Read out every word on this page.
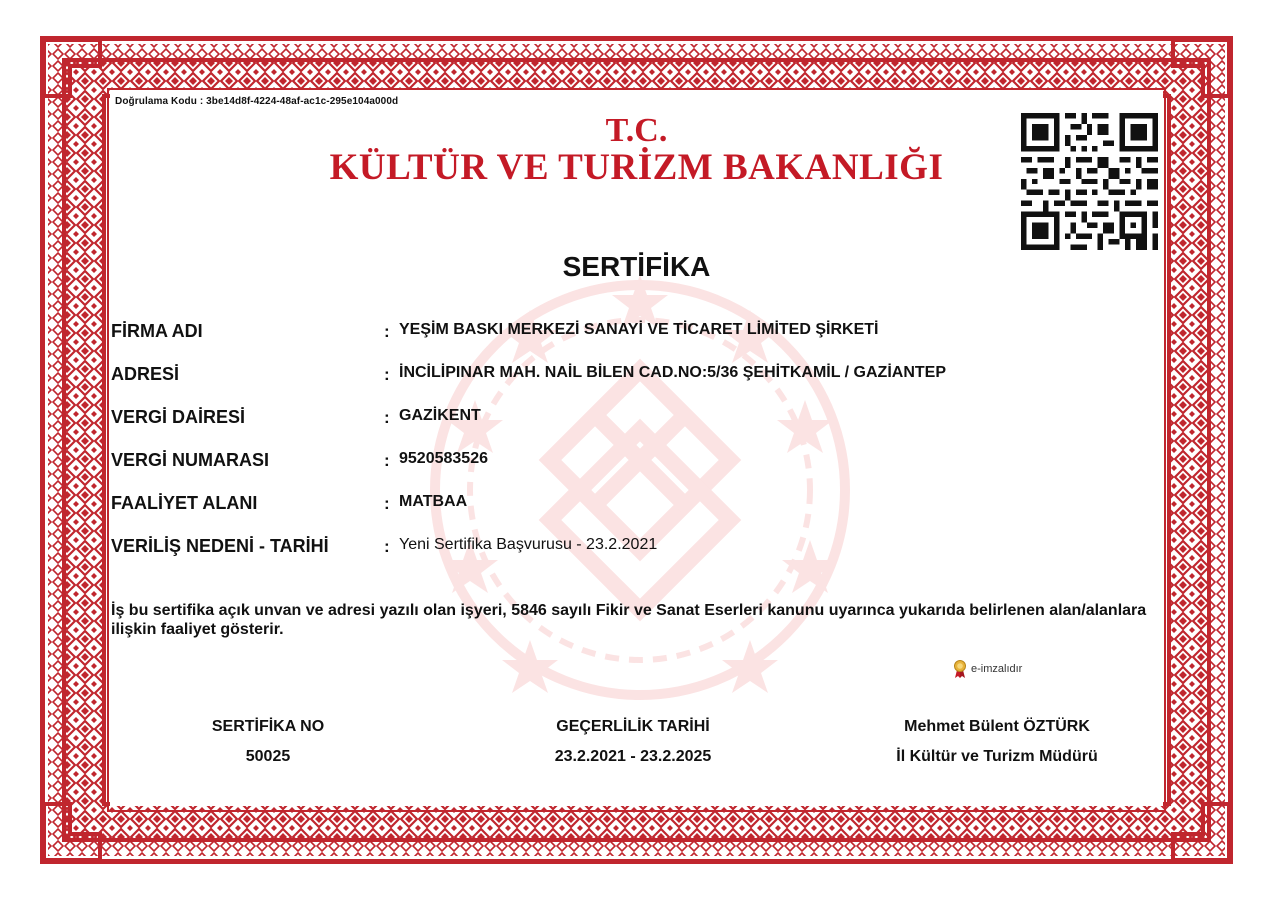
Doğrulama Kodu : 3be14d8f-4224-48af-ac1c-295e104a000d
T.C.
KÜLTÜR VE TURİZM BAKANLIĞI
SERTİFİKA
FİRMA ADI	: YEŞİM BASKI MERKEZİ SANAYİ VE TİCARET LİMİTED ŞİRKETİ
ADRESİ	: İNCİLİPINAR MAH. NAİL BİLEN CAD.NO:5/36 ŞEHİTKAMİL / GAZİANTEP
VERGİ DAİRESİ	: GAZİKENT
VERGİ NUMARASI	: 9520583526
FAALİYET ALANI	: MATBAA
VERİLİŞ NEDENİ - TARİHİ	: Yeni Sertifika Başvurusu - 23.2.2021
İş bu sertifika açık unvan ve adresi yazılı olan işyeri, 5846 sayılı Fikir ve Sanat Eserleri kanunu uyarınca yukarıda belirlenen alan/alanlara ilişkin faaliyet gösterir.
e-imzalıdır
SERTİFİKA NO
50025
GEÇERLİLİK TARİHİ
23.2.2021 - 23.2.2025
Mehmet Bülent ÖZTÜRK
İl Kültür ve Turizm Müdürü
